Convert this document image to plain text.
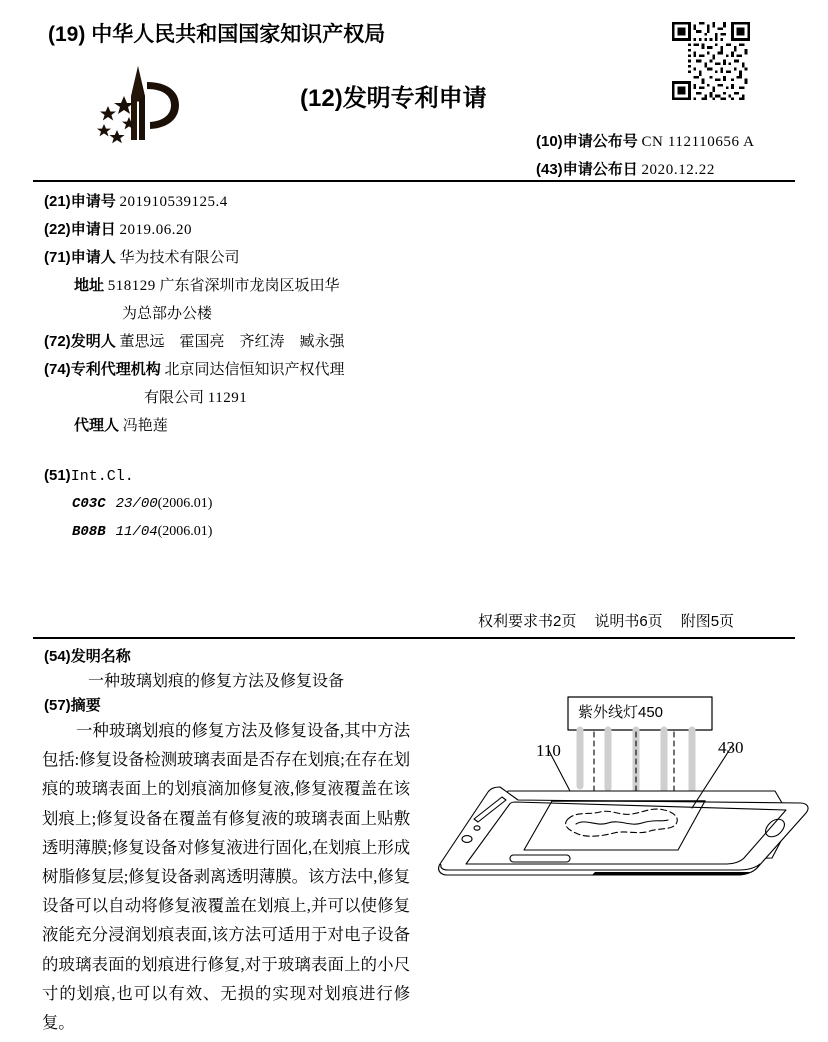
(19) 中华人民共和国国家知识产权局
(12)发明专利申请
(10)申请公布号 CN 112110656 A
(43)申请公布日 2020.12.22
(21)申请号 201910539125.4
(22)申请日 2019.06.20
(71)申请人 华为技术有限公司
地址 518129 广东省深圳市龙岗区坂田华
为总部办公楼
(72)发明人 董思远　霍国亮　齐红涛　臧永强
(74)专利代理机构 北京同达信恒知识产权代理
有限公司 11291
代理人 冯艳莲
(51)Int.Cl.
C03C 23/00(2006.01)
B08B 11/04(2006.01)
权利要求书2页 说明书6页 附图5页
(54)发明名称
一种玻璃划痕的修复方法及修复设备
(57)摘要
一种玻璃划痕的修复方法及修复设备,其中方法包括:修复设备检测玻璃表面是否存在划痕;在存在划痕的玻璃表面上的划痕滴加修复液,修复液覆盖在该划痕上;修复设备在覆盖有修复液的玻璃表面上贴敷透明薄膜;修复设备对修复液进行固化,在划痕上形成树脂修复层;修复设备剥离透明薄膜。该方法中,修复设备可以自动将修复液覆盖在划痕上,并可以使修复液能充分浸润划痕表面,该方法可适用于对电子设备的玻璃表面的划痕进行修复,对于玻璃表面上的小尺寸的划痕,也可以有效、无损的实现对划痕进行修复。
紫外线灯450
110	430
